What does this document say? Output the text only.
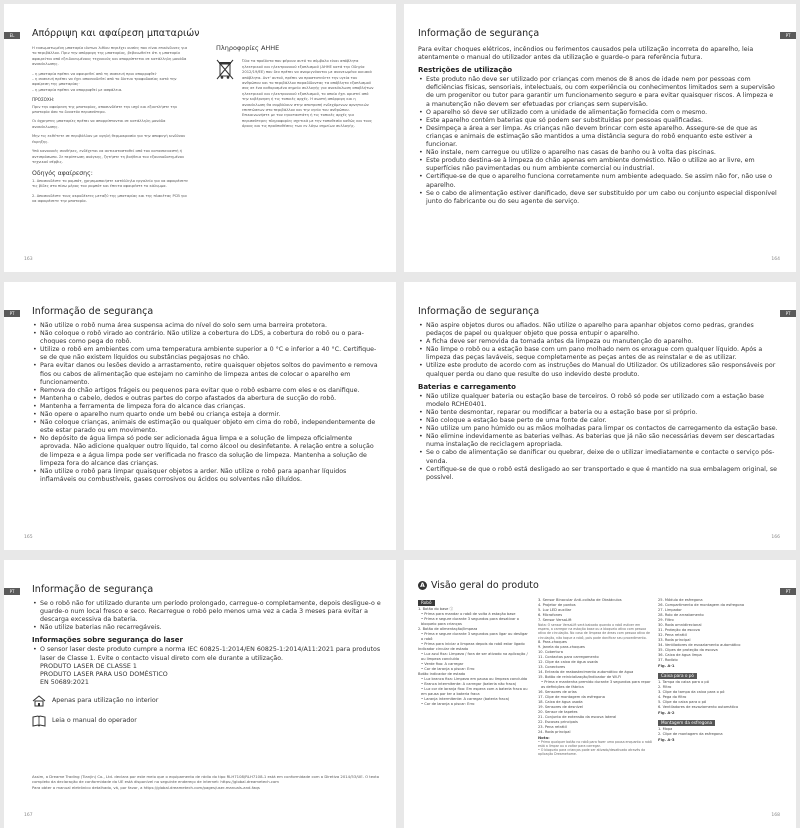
EL	Απόρριψη και αφαίρεση μπαταριών

Η ενσωματωμένη μπαταρία ιόντων λιθίου περιέχει ουσίες που είναι επικίνδυνες για το περιβάλλον. Πριν την απόρριψη της μπαταρίας, βεβαιωθείτε ότι η μπαταρία αφαιρείται από εξειδικευμένους τεχνικούς και απορρίπτεται σε κατάλληλη μονάδα ανακύκλωσης.

– η μπαταρία πρέπει να αφαιρεθεί από τη συσκευή πριν απορριφθεί·
– η συσκευή πρέπει να έχει αποσυνδεθεί από το δίκτυο τροφοδοσίας κατά την αφαίρεση της μπαταρίας·
– η μπαταρία πρέπει να απορριφθεί με ασφάλεια.
ΠΡΟΣΟΧΗ:

Πριν την αφαίρεση της μπαταρίας, αποσυνδέστε την ισχύ και εξαντλήστε την μπαταρία όσο το δυνατόν περισσότερο.

Οι άχρηστες μπαταρίες πρέπει να απορρίπτονται σε κατάλληλη μονάδα ανακύκλωσης.

Μην τις εκθέτετε σε περιβάλλον με υψηλή θερμοκρασία για την αποφυγή κινδύνου έκρηξης.

Υπό κανονικές συνθήκες, ενδέχεται να αντικατασταθεί από τον κατασκευαστή ή αντιπρόσωπο. Σε περίπτωση ανάγκης, ζητήστε τη βοήθεια του εξουσιοδοτημένου τεχνικού σέρβις.

Οδηγός αφαίρεσης:

1. Αποσυνδέστε το ρομπότ, χρησιμοποιήστε κατάλληλο εργαλείο για να αφαιρέσετε τις βίδες στο πίσω μέρος του ρομπότ και έπειτα αφαιρέστε το κάλυμμα.

2. Αποσυνδέστε τους ακροδέκτες μεταξύ της μπαταρίας και της πλακέτας PCB για να αφαιρέσετε την μπαταρία.

Πληροφορίες ΑΗΗΕ
Όλα τα προϊόντα που φέρουν αυτό το σύμβολο είναι απόβλητα ηλεκτρικού και ηλεκτρονικού εξοπλισμού (ΑΗΗΕ κατά την Οδηγία 2012/19/ΕΕ) που δεν πρέπει να αναμιγνύονται με ανανεωμένα οικιακά απόβλητα. Αντ' αυτού, πρέπει να προστατεύετε την υγεία του ανθρώπου και το περιβάλλον παραδίδοντας τα απόβλητα εξοπλισμού σας σε ένα καθορισμένο σημείο συλλογής για ανακύκλωση αποβλήτων ηλεκτρικού και ηλεκτρονικού εξοπλισμού, το οποίο έχει οριστεί από την κυβέρνηση ή τις τοπικές αρχές. Η σωστή απόρριψη και η ανακύκλωση θα συμβάλουν στην αποτροπή ενδεχόμενων αρνητικών επιπτώσεων στο περιβάλλον και την υγεία του ανθρώπου. Επικοινωνήστε με τον εγκαταστάτη ή τις τοπικές αρχές για περισσότερες πληροφορίες σχετικά με την τοποθεσία καθώς και τους όρους και τις προϋποθέσεις των εν λόγω σημείων συλλογής.
163
PT
Informação de segurança

Para evitar choques elétricos, incêndios ou ferimentos causados pela utilização incorreta do aparelho, leia atentamente o manual do utilizador antes da utilização e guarde-o para referência futura.

Restrições de utilização
• Este produto não deve ser utilizado por crianças com menos de 8 anos de idade nem por pessoas com deficiências físicas, sensoriais, intelectuais, ou com experiência ou conhecimentos limitados sem a supervisão de um progenitor ou tutor para garantir um funcionamento seguro e para evitar quaisquer riscos. A limpeza e a manutenção não devem ser efetuadas por crianças sem supervisão.
• O aparelho só deve ser utilizado com a unidade de alimentação fornecida com o mesmo.
• Este aparelho contém baterias que só podem ser substituídas por pessoas qualificadas.
• Desimpeça a área a ser limpa. As crianças não devem brincar com este aparelho. Assegure-se de que as crianças e animais de estimação são mantidos a uma distância segura do robô enquanto este estiver a funcionar.
• Não instale, nem carregue ou utilize o aparelho nas casas de banho ou à volta das piscinas.
• Este produto destina-se à limpeza do chão apenas em ambiente doméstico. Não o utilize ao ar livre, em superfícies não pavimentadas ou num ambiente comercial ou industrial.
• Certifique-se de que o aparelho funciona corretamente num ambiente adequado. Se assim não for, não use o aparelho.
• Se o cabo de alimentação estiver danificado, deve ser substituído por um cabo ou conjunto especial disponível junto do fabricante ou do seu agente de serviço.
164
PT	Informação de segurança
• Não utilize o robô numa área suspensa acima do nível do solo sem uma barreira protetora.
• Não coloque o robô virado ao contrário. Não utilize a cobertura do LDS, a cobertura do robô ou o para-choques como pega do robô.
• Utilize o robô em ambientes com uma temperatura ambiente superior a 0 °C e inferior a 40 °C. Certifique-se de que não existem líquidos ou substâncias pegajosas no chão.
• Para evitar danos ou lesões devido a arrastamento, retire quaisquer objetos soltos do pavimento e remova fios ou cabos de alimentação que estejam no caminho de limpeza antes de colocar o aparelho em funcionamento.
• Remova do chão artigos frágeis ou pequenos para evitar que o robô esbarre com eles e os danifique.
• Mantenha o cabelo, dedos e outras partes do corpo afastados da abertura de sucção do robô.
• Mantenha a ferramenta de limpeza fora do alcance das crianças.
• Não opere o aparelho num quarto onde um bebé ou criança esteja a dormir.
• Não coloque crianças, animais de estimação ou qualquer objeto em cima do robô, independentemente de este estar parado ou em movimento.
• No depósito de água limpa só pode ser adicionada água limpa e a solução de limpeza oficialmente aprovada. Não adicione qualquer outro líquido, tal como álcool ou desinfetante. A relação entre a solução de limpeza e a água limpa pode ser verificada no frasco da solução de limpeza. Mantenha a solução de limpeza fora do alcance das crianças.
• Não utilize o robô para limpar quaisquer objetos a arder. Não utilize o robô para apanhar líquidos inflamáveis ou combustíveis, gases corrosivos ou ácidos ou solventes não diluídos.
165
PT
Informação de segurança
• Não aspire objetos duros ou afiados. Não utilize o aparelho para apanhar objetos como pedras, grandes pedaços de papel ou qualquer objeto que possa entupir o aparelho.
• A ficha deve ser removida da tomada antes da limpeza ou manutenção do aparelho.
• Não limpe o robô ou a estação base com um pano molhado nem os enxague com qualquer líquido. Após a limpeza das peças laváveis, seque completamente as peças antes de as reinstalar e de as utilizar.
• Utilize este produto de acordo com as instruções do Manual do Utilizador. Os utilizadores são responsáveis por qualquer perda ou dano que resulte do uso indevido deste produto.
Baterias e carregamento
• Não utilize qualquer bateria ou estação base de terceiros. O robô só pode ser utilizado com a estação base modelo RCHE0401.
• Não tente desmontar, reparar ou modificar a bateria ou a estação base por si próprio.
• Não coloque a estação base perto de uma fonte de calor.
• Não utilize um pano húmido ou as mãos molhadas para limpar os contactos de carregamento da estação base.
• Não elimine indevidamente as baterias velhas. As baterias que já não são necessárias devem ser descartadas numa instalação de reciclagem apropriada.
• Se o cabo de alimentação se danificar ou quebrar, deixe de o utilizar imediatamente e contacte o serviço pós-venda.
• Certifique-se de que o robô está desligado ao ser transportado e que é mantido na sua embalagem original, se possível.
166
PT	Informação de segurança
• Se o robô não for utilizado durante um período prolongado, carregue-o completamente, depois desligue-o e guarde-o num local fresco e seco. Recarregue o robô pelo menos uma vez a cada 3 meses para evitar a descarga excessiva da bateria.
• Não utilize baterias não recarregáveis.
Informações sobre segurança do laser
• O sensor laser deste produto cumpre a norma IEC 60825-1:2014/EN 60825-1:2014/A11:2021 para produtos laser de Classe 1. Evite o contacto visual direto com ele durante a utilização.
PRODUTO LASER DE CLASSE 1
PRODUTO LASER PARA USO DOMÉSTICO
EN 50689:2021
Apenas para utilização no interior
Leia o manual do operador
Assim, a Dreame Trading (Tianjin) Co., Ltd. declara por este meio que o equipamento de rádio do tipo RLH7108/RLH7108-1 está em conformidade com a Diretiva 2014/53/UE. O texto completo da declaração de conformidade da UE está disponível no seguinte endereço de internet: https://global.dreametech.com
Para obter o manual eletrónico detalhado, vá, por favor, a https://global.dreametech.com/pages/user-manuals-and-faqs
167
PT
A Visão geral do produto
Robô
1. Botão do base ⓘ
• Prima para mandar o robô de volta à estação base
• Prima e segure durante 3 segundos para desativar o bloqueio para crianças
2. Botão de alimentação/limpeza
• Prima e segure durante 3 segundos para ligar ou desligar o robô
• Prima para iniciar a limpeza depois do robô estar ligado
Indicador circular de estado
• Luz azul fixa: Limpeza / fora de ser ativado na aplicação / ou limpeza concluída
• Verde fixo: A carregar
• Cor de laranja a piscar: Erro
Botão indicador de estado
• Luz branca fixa: Limpeza em pausa ou limpeza concluída
• Branca intermitente: A carregar (bateria não fraca)
• Luz cor de laranja fixa: Em espera com a bateria fraca ou em pausa por ter a bateria fraca
• Laranja intermitente: A carregar (bateria fraca)
• Cor de laranja a piscar: Erro
3. Sensor Binocular Anti-colisão de Obstáculos
4. Projetor de pontos
5. Luz LED auxiliar
6. Microfones
7. Sensor VersaLift
Nota: O sensor VersaLift será baixado quando o robô estiver em espera, a carregar na estação base ou a bloqueio ativo com pessoa ativo de circulação. No caso de limpeza de áreas com pessoa ativo de circulação, não toque a robô, pois pode danificar seu procedimento.
8. Para-choques
9. Janela do para-choques
10. Cobertura
11. Contactos para carregamento
12. Clipe da caixa de água usada
13. Conectores
14. Entrada de reabastecimento automático de água
15. Botão de reinicialização/Indicador de Wi-Fi
• Prima e mantenha premido durante 3 segundos para repor as definições de fábrica
16. Sensores de orlas
17. Clipe de montagem da esfregona
18. Caixa de água usada
19. Sensores de desnível
20. Sensor de tapetes
21. Conjunto de extensão da escova lateral
22. Escovas principais
23. Pena retrátil
24. Roda principal
Nota:
• Prima qualquer botão no robô para fazer uma pausa enquanto o robô está a limpar ou a voltar para carregar.
• O bloqueio para crianças pode ser ativado/desativado através da aplicação Dreamehome.
25. Módulo de esfregona
26. Compartimento de montagem da esfregona
27. Limpador
28. Rolo de arrastamento
29. Filtro
30. Roda omnidirecional
31. Proteção da escova
32. Pena retrátil
33. Roda principal
34. Ventiladores de esvaziamento automático
35. Clipes de proteção da escova
36. Caixa de água limpa
37. Rodízio
Fig. A-1
Caixa para o pó
1. Tampa da caixa para o pó
2. Filtro
3. Clipe da tampa da caixa para o pó
4. Pega do filtro
5. Clipe da caixa para o pó
6. Ventiladores de esvaziamento automático
Fig. A-2
Montagem da esfregona
1. Mopa
2. Clipe de montagem da esfregona
Fig. A-3
168
